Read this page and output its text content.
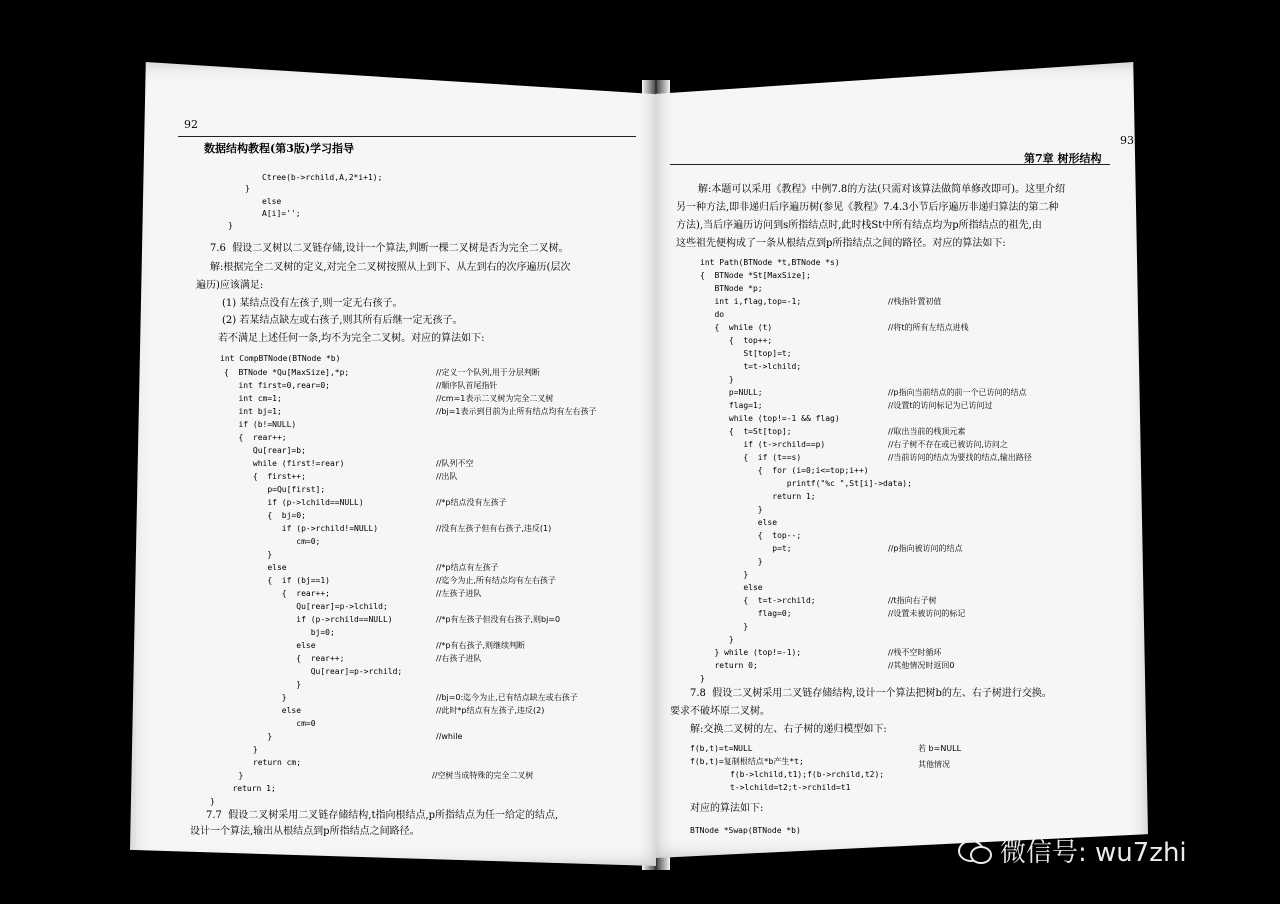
92
数据结构教程(第3版)学习指导
93
第7章 树形结构
Ctree(b->rchild,A,2*i+1);
}
else
A[i]='';
}
7.6  假设二叉树以二叉链存储,设计一个算法,判断一棵二叉树是否为完全二叉树。
解:根据完全二叉树的定义,对完全二叉树按照从上到下、从左到右的次序遍历(层次
遍历)应该满足:
(1) 某结点没有左孩子,则一定无右孩子。
(2) 若某结点缺左或右孩子,则其所有后继一定无孩子。
若不满足上述任何一条,均不为完全二叉树。对应的算法如下:
int CompBTNode(BTNode *b)
{  BTNode *Qu[MaxSize],*p;
int first=0,rear=0;
int cm=1;
int bj=1;
if (b!=NULL)
{  rear++;
Qu[rear]=b;
while (first!=rear)
{  first++;
p=Qu[first];
if (p->lchild==NULL)
{  bj=0;
if (p->rchild!=NULL)
cm=0;
}
else
{  if (bj==1)
{  rear++;
Qu[rear]=p->lchild;
if (p->rchild==NULL)
bj=0;
else
{  rear++;
Qu[rear]=p->rchild;
}
}
else
cm=0
}
}
return cm;
}
return 1;
}
7.7  假设二叉树采用二叉链存储结构,t指向根结点,p所指结点为任一给定的结点,
设计一个算法,输出从根结点到p所指结点之间路径。
//定义一个队列,用于分层判断
//顺序队首尾指针
//cm=1表示二叉树为完全二叉树
//bj=1表示到目前为止所有结点均有左右孩子
//队列不空
//出队
//*p结点没有左孩子
//没有左孩子但有右孩子,违反(1)
//*p结点有左孩子
//迄今为止,所有结点均有左右孩子
//左孩子进队
//*p有左孩子但没有右孩子,则bj=0
//*p有右孩子,则继续判断
//右孩子进队
//bj=0:迄今为止,已有结点缺左或右孩子
//此时*p结点有左孩子,违反(2)
//while
//空树当成特殊的完全二叉树
解:本题可以采用《教程》中例7.8的方法(只需对该算法做简单修改即可)。这里介绍
另一种方法,即非递归后序遍历树(参见《教程》7.4.3小节后序遍历非递归算法的第二种
方法),当后序遍历访问到s所指结点时,此时栈St中所有结点均为p所指结点的祖先,由
这些祖先便构成了一条从根结点到p所指结点之间的路径。对应的算法如下:
int Path(BTNode *t,BTNode *s)
{  BTNode *St[MaxSize];
BTNode *p;
int i,flag,top=-1;
do
{  while (t)
{  top++;
St[top]=t;
t=t->lchild;
}
p=NULL;
flag=1;
while (top!=-1 && flag)
{  t=St[top];
if (t->rchild==p)
{  if (t==s)
{  for (i=0;i<=top;i++)
printf("%c ",St[i]->data);
return 1;
}
else
{  top--;
p=t;
}
}
else
{  t=t->rchild;
flag=0;
}
}
} while (top!=-1);
return 0;
}
7.8  假设二叉树采用二叉链存储结构,设计一个算法把树b的左、右子树进行交换。
要求不破坏原二叉树。
解:交换二叉树的左、右子树的递归模型如下:
f(b,t)=t=NULL
f(b,t)=复制根结点*b产生*t;
f(b->lchild,t1);f(b->rchild,t2);
t->lchild=t2;t->rchild=t1
对应的算法如下:
BTNode *Swap(BTNode *b)
//栈指针置初值
//将t的所有左结点进栈
//p指向当前结点的前一个已访问的结点
//设置t的访问标记为已访问过
//取出当前的栈顶元素
//右子树不存在或已被访问,访问之
//当前访问的结点为要找的结点,输出路径
//p指向被访问的结点
//t指向右子树
//设置未被访问的标记
//栈不空时循环
//其他情况时返回0
若 b=NULL
其他情况
微信号: wu7zhi
